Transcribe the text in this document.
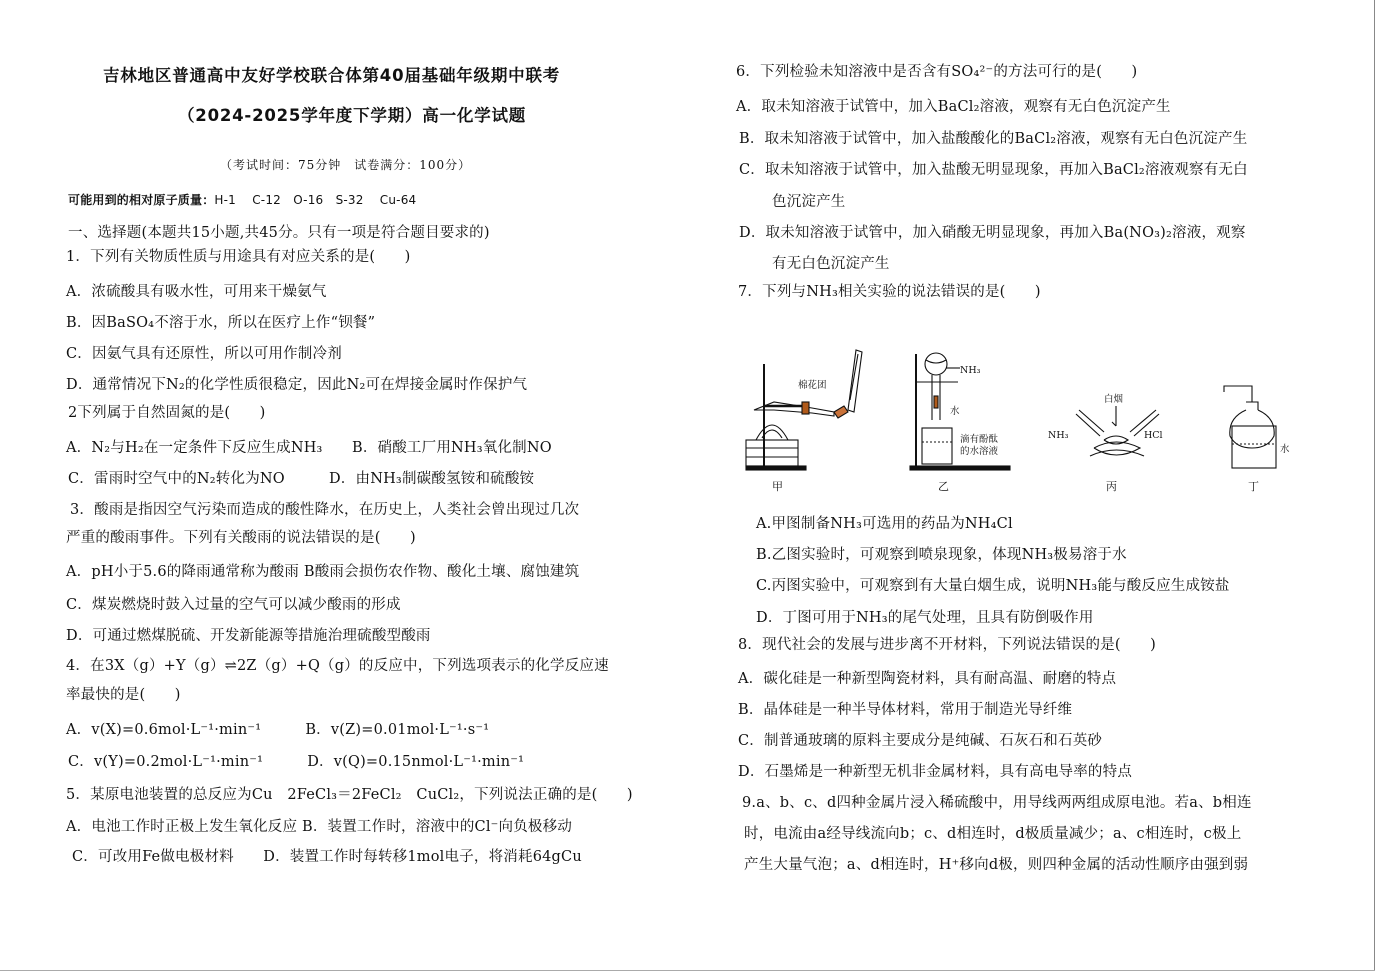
吉林地区普通高中友好学校联合体第40届基础年级期中联考
（2024-2025学年度下学期）高一化学试题
（考试时间：75分钟　试卷满分：100分）
可能用到的相对原子质量：H-1　 C-12　O-16　S-32　 Cu-64
一、选择题(本题共15小题,共45分。只有一项是符合题目要求的)
1．下列有关物质性质与用途具有对应关系的是(　　)
A．浓硫酸具有吸水性，可用来干燥氨气
B．因BaSO₄不溶于水，所以在医疗上作“钡餐”
C．因氨气具有还原性，所以可用作制冷剂
D．通常情况下N₂的化学性质很稳定，因此N₂可在焊接金属时作保护气
2下列属于自然固氮的是(　　)
A．N₂与H₂在一定条件下反应生成NH₃　　B．硝酸工厂用NH₃氧化制NO
C．雷雨时空气中的N₂转化为NO　　　D．由NH₃制碳酸氢铵和硫酸铵
3．酸雨是指因空气污染而造成的酸性降水，在历史上，人类社会曾出现过几次
严重的酸雨事件。下列有关酸雨的说法错误的是(　　)
A．pH小于5.6的降雨通常称为酸雨 B酸雨会损伤农作物、酸化土壤、腐蚀建筑
C．煤炭燃烧时鼓入过量的空气可以减少酸雨的形成
D．可通过燃煤脱硫、开发新能源等措施治理硫酸型酸雨
4．在3X（g）+Y（g）⇌2Z（g）+Q（g）的反应中，下列选项表示的化学反应速
率最快的是(　　)
A．v(X)=0.6mol·L⁻¹·min⁻¹　　　B．v(Z)=0.01mol·L⁻¹·s⁻¹
C．v(Y)=0.2mol·L⁻¹·min⁻¹　　　D．v(Q)=0.15nmol·L⁻¹·min⁻¹
5．某原电池装置的总反应为Cu　2FeCl₃＝2FeCl₂　CuCl₂，下列说法正确的是(　　)
A．电池工作时正极上发生氧化反应 B．装置工作时，溶液中的Cl⁻向负极移动
C．可改用Fe做电极材料　　D．装置工作时每转移1mol电子，将消耗64gCu
6．下列检验未知溶液中是否含有SO₄²⁻的方法可行的是(　　)
A．取未知溶液于试管中，加入BaCl₂溶液，观察有无白色沉淀产生
B．取未知溶液于试管中，加入盐酸酸化的BaCl₂溶液，观察有无白色沉淀产生
C．取未知溶液于试管中，加入盐酸无明显现象，再加入BaCl₂溶液观察有无白
色沉淀产生
D．取未知溶液于试管中，加入硝酸无明显现象，再加入Ba(NO₃)₂溶液，观察
有无白色沉淀产生
7．下列与NH₃相关实验的说法错误的是(　　)
棉花团
甲
NH₃
水
滴有酚酞
的水溶液
乙
白烟
NH₃	HCl
丙
水
丁
A.甲图制备NH₃可选用的药品为NH₄Cl
B.乙图实验时，可观察到喷泉现象，体现NH₃极易溶于水
C.丙图实验中，可观察到有大量白烟生成，说明NH₃能与酸反应生成铵盐
D．丁图可用于NH₃的尾气处理，且具有防倒吸作用
8．现代社会的发展与进步离不开材料，下列说法错误的是(　　)
A．碳化硅是一种新型陶瓷材料，具有耐高温、耐磨的特点
B．晶体硅是一种半导体材料，常用于制造光导纤维
C．制普通玻璃的原料主要成分是纯碱、石灰石和石英砂
D．石墨烯是一种新型无机非金属材料，具有高电导率的特点
9.a、b、c、d四种金属片浸入稀硫酸中，用导线两两组成原电池。若a、b相连
时，电流由a经导线流向b；c、d相连时，d极质量减少；a、c相连时，c极上
产生大量气泡；a、d相连时，H⁺移向d极，则四种金属的活动性顺序由强到弱
